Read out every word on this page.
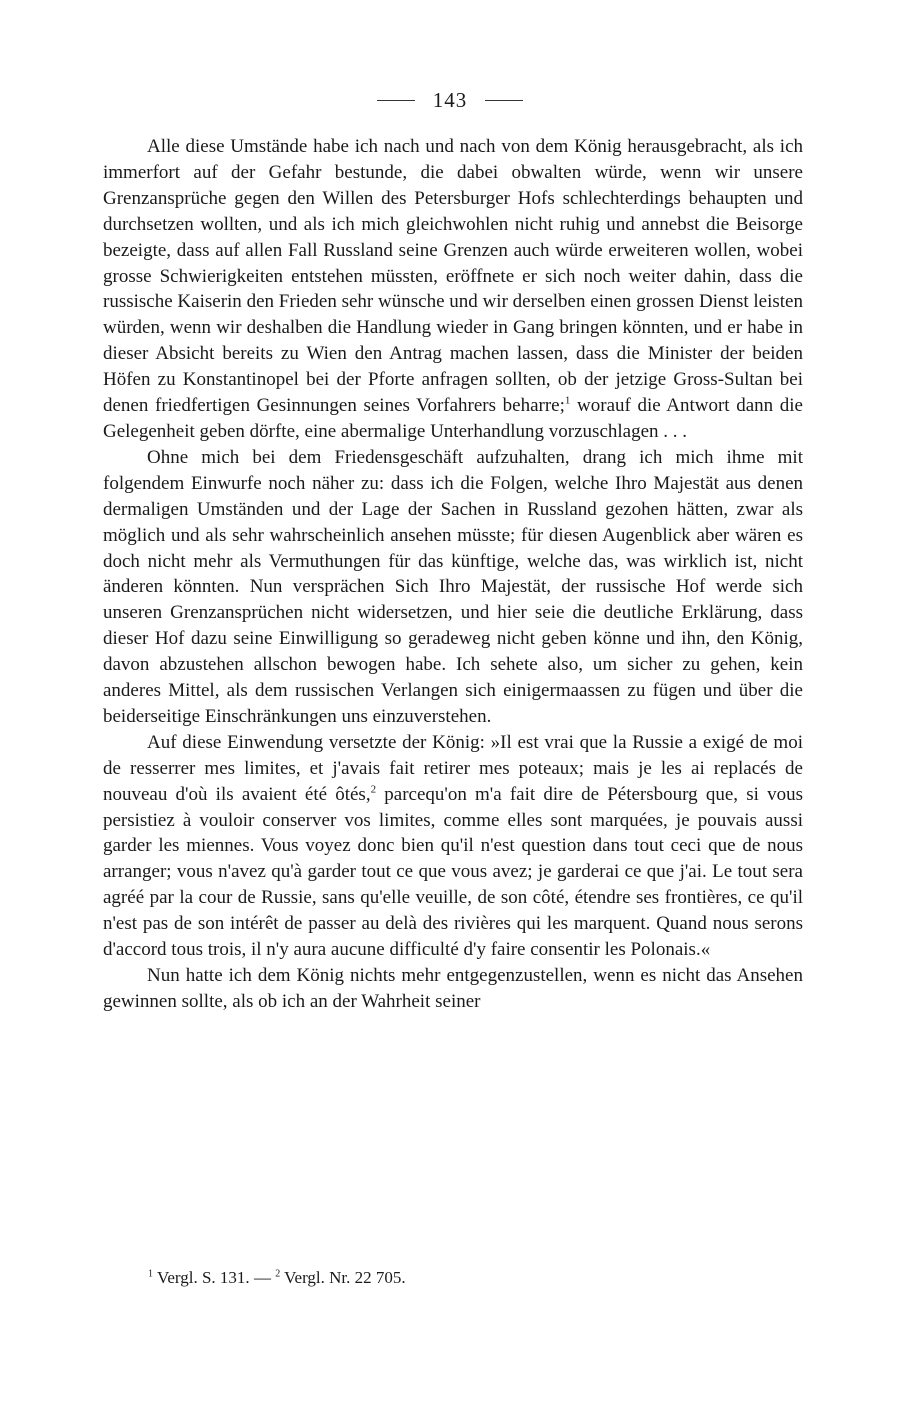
143

Alle diese Umstände habe ich nach und nach von dem König herausgebracht, als ich immerfort auf der Gefahr bestunde, die dabei obwalten würde, wenn wir unsere Grenzansprüche gegen den Willen des Petersburger Hofs schlechterdings behaupten und durchsetzen wollten, und als ich mich gleichwohlen nicht ruhig und annebst die Beisorge bezeigte, dass auf allen Fall Russland seine Grenzen auch würde erweiteren wollen, wobei grosse Schwierigkeiten entstehen müssten, eröffnete er sich noch weiter dahin, dass die russische Kaiserin den Frieden sehr wünsche und wir derselben einen grossen Dienst leisten würden, wenn wir deshalben die Handlung wieder in Gang bringen könnten, und er habe in dieser Absicht bereits zu Wien den Antrag machen lassen, dass die Minister der beiden Höfen zu Konstantinopel bei der Pforte anfragen sollten, ob der jetzige Gross-Sultan bei denen friedfertigen Gesinnungen seines Vorfahrers beharre;$^1$ worauf die Antwort dann die Gelegenheit geben dörfte, eine abermalige Unterhandlung vorzuschlagen . . .

Ohne mich bei dem Friedensgeschäft aufzuhalten, drang ich mich ihme mit folgendem Einwurfe noch näher zu: dass ich die Folgen, welche Ihro Majestät aus denen dermaligen Umständen und der Lage der Sachen in Russland gezohen hätten, zwar als möglich und als sehr wahrscheinlich ansehen müsste; für diesen Augenblick aber wären es doch nicht mehr als Vermuthungen für das künftige, welche das, was wirklich ist, nicht änderen könnten. Nun versprächen Sich Ihro Majestät, der russische Hof werde sich unseren Grenzansprüchen nicht widersetzen, und hier seie die deutliche Erklärung, dass dieser Hof dazu seine Einwilligung so geradeweg nicht geben könne und ihn, den König, davon abzustehen allschon bewogen habe. Ich sehete also, um sicher zu gehen, kein anderes Mittel, als dem russischen Verlangen sich einigermaassen zu fügen und über die beiderseitige Einschränkungen uns einzuverstehen.

Auf diese Einwendung versetzte der König: »Il est vrai que la Russie a exigé de moi de resserrer mes limites, et j'avais fait retirer mes poteaux; mais je les ai replacés de nouveau d'où ils avaient été ôtés,$^2$ parcequ'on m'a fait dire de Pétersbourg que, si vous persistiez à vouloir conserver vos limites, comme elles sont marquées, je pouvais aussi garder les miennes. Vous voyez donc bien qu'il n'est question dans tout ceci que de nous arranger; vous n'avez qu'à garder tout ce que vous avez; je garderai ce que j'ai. Le tout sera agréé par la cour de Russie, sans qu'elle veuille, de son côté, étendre ses frontières, ce qu'il n'est pas de son intérêt de passer au delà des rivières qui les marquent. Quand nous serons d'accord tous trois, il n'y aura aucune difficulté d'y faire consentir les Polonais.«

Nun hatte ich dem König nichts mehr entgegenzustellen, wenn es nicht das Ansehen gewinnen sollte, als ob ich an der Wahrheit seiner

$^1$ Vergl. S. 131. — $^2$ Vergl. Nr. 22 705.
